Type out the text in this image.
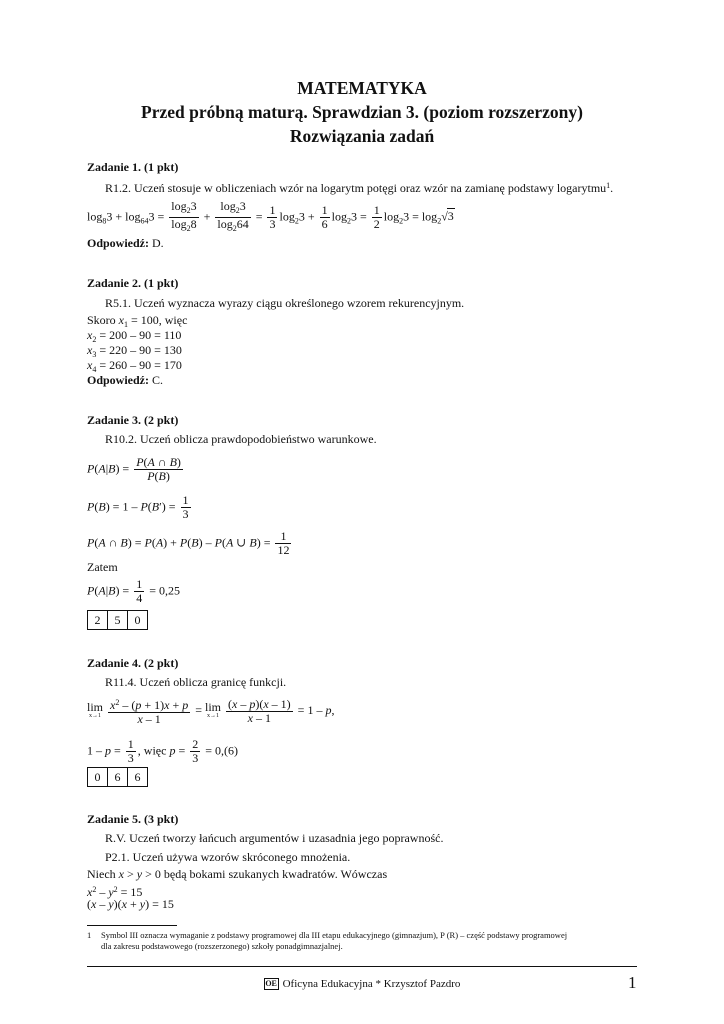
MATEMATYKA
Przed próbną maturą. Sprawdzian 3. (poziom rozszerzony)
Rozwiązania zadań
Zadanie 1. (1 pkt)
R1.2. Uczeń stosuje w obliczeniach wzór na logarytm potęgi oraz wzór na zamianę podstawy logarytmu$^1$.
$\log_83 + \log_{64}3 = \frac{\log_23}{\log_28} + \frac{\log_23}{\log_264} = \frac{1}{3} \log_23 + \frac{1}{6} \log_23 = \frac{1}{2} \log_23 = \log_2√3$
Odpowiedź: D.
Zadanie 2. (1 pkt)
R5.1. Uczeń wyznacza wyrazy ciągu określonego wzorem rekurencyjnym.
Skoro $x_1 = 100$, więc
$x_2 = 200 - 90 = 110$
$x_3 = 220 - 90 = 130$
$x_4 = 260 - 90 = 170$
Odpowiedź: C.
Zadanie 3. (2 pkt)
R10.2. Uczeń oblicza prawdopodobieństwo warunkowe.
$P(A|B) = \frac{P(A \cap B)}{P(B)}$
$P(B) = 1 - P(B') = \frac{1}{3}$
P(A ∩ B) = P(A) + P(B) – P(A ∪ $B) = \frac{1}{12}$
Zatem
$P(A|B) = \frac{1}{4} = 0,25$
2	5	0
Zadanie 4. (2 pkt)
R11.4. Uczeń oblicza granicę funkcji.
lim
x→1
$\frac{x^2 - (p + 1)x + p}{x - 1} = \lim$
x→1
$\frac{(x - p)(x - 1)}{x - 1} = 1 - p$,
$1 - p = \frac{1}{3}$ , więc $p = \frac{2}{3} = 0,(6)$
0	6	6
Zadanie 5. (3 pkt)
R.V. Uczeń tworzy łańcuch argumentów i uzasadnia jego poprawność.
P2.1. Uczeń używa wzorów skróconego mnożenia.
Niech x > y > 0 będą bokami szukanych kwadratów. Wówczas
$x^2 - y^2 = 15$
(x – y)(x + y) = 15
1 Symbol III oznacza wymaganie z podstawy programowej dla III etapu edukacyjnego (gimnazjum), P (R) – część podstawy programowej
dla zakresu podstawowego (rozszerzonego) szkoły ponadgimnazjalnej.
OE Oficyna Edukacyjna * Krzysztof Pazdro	1
